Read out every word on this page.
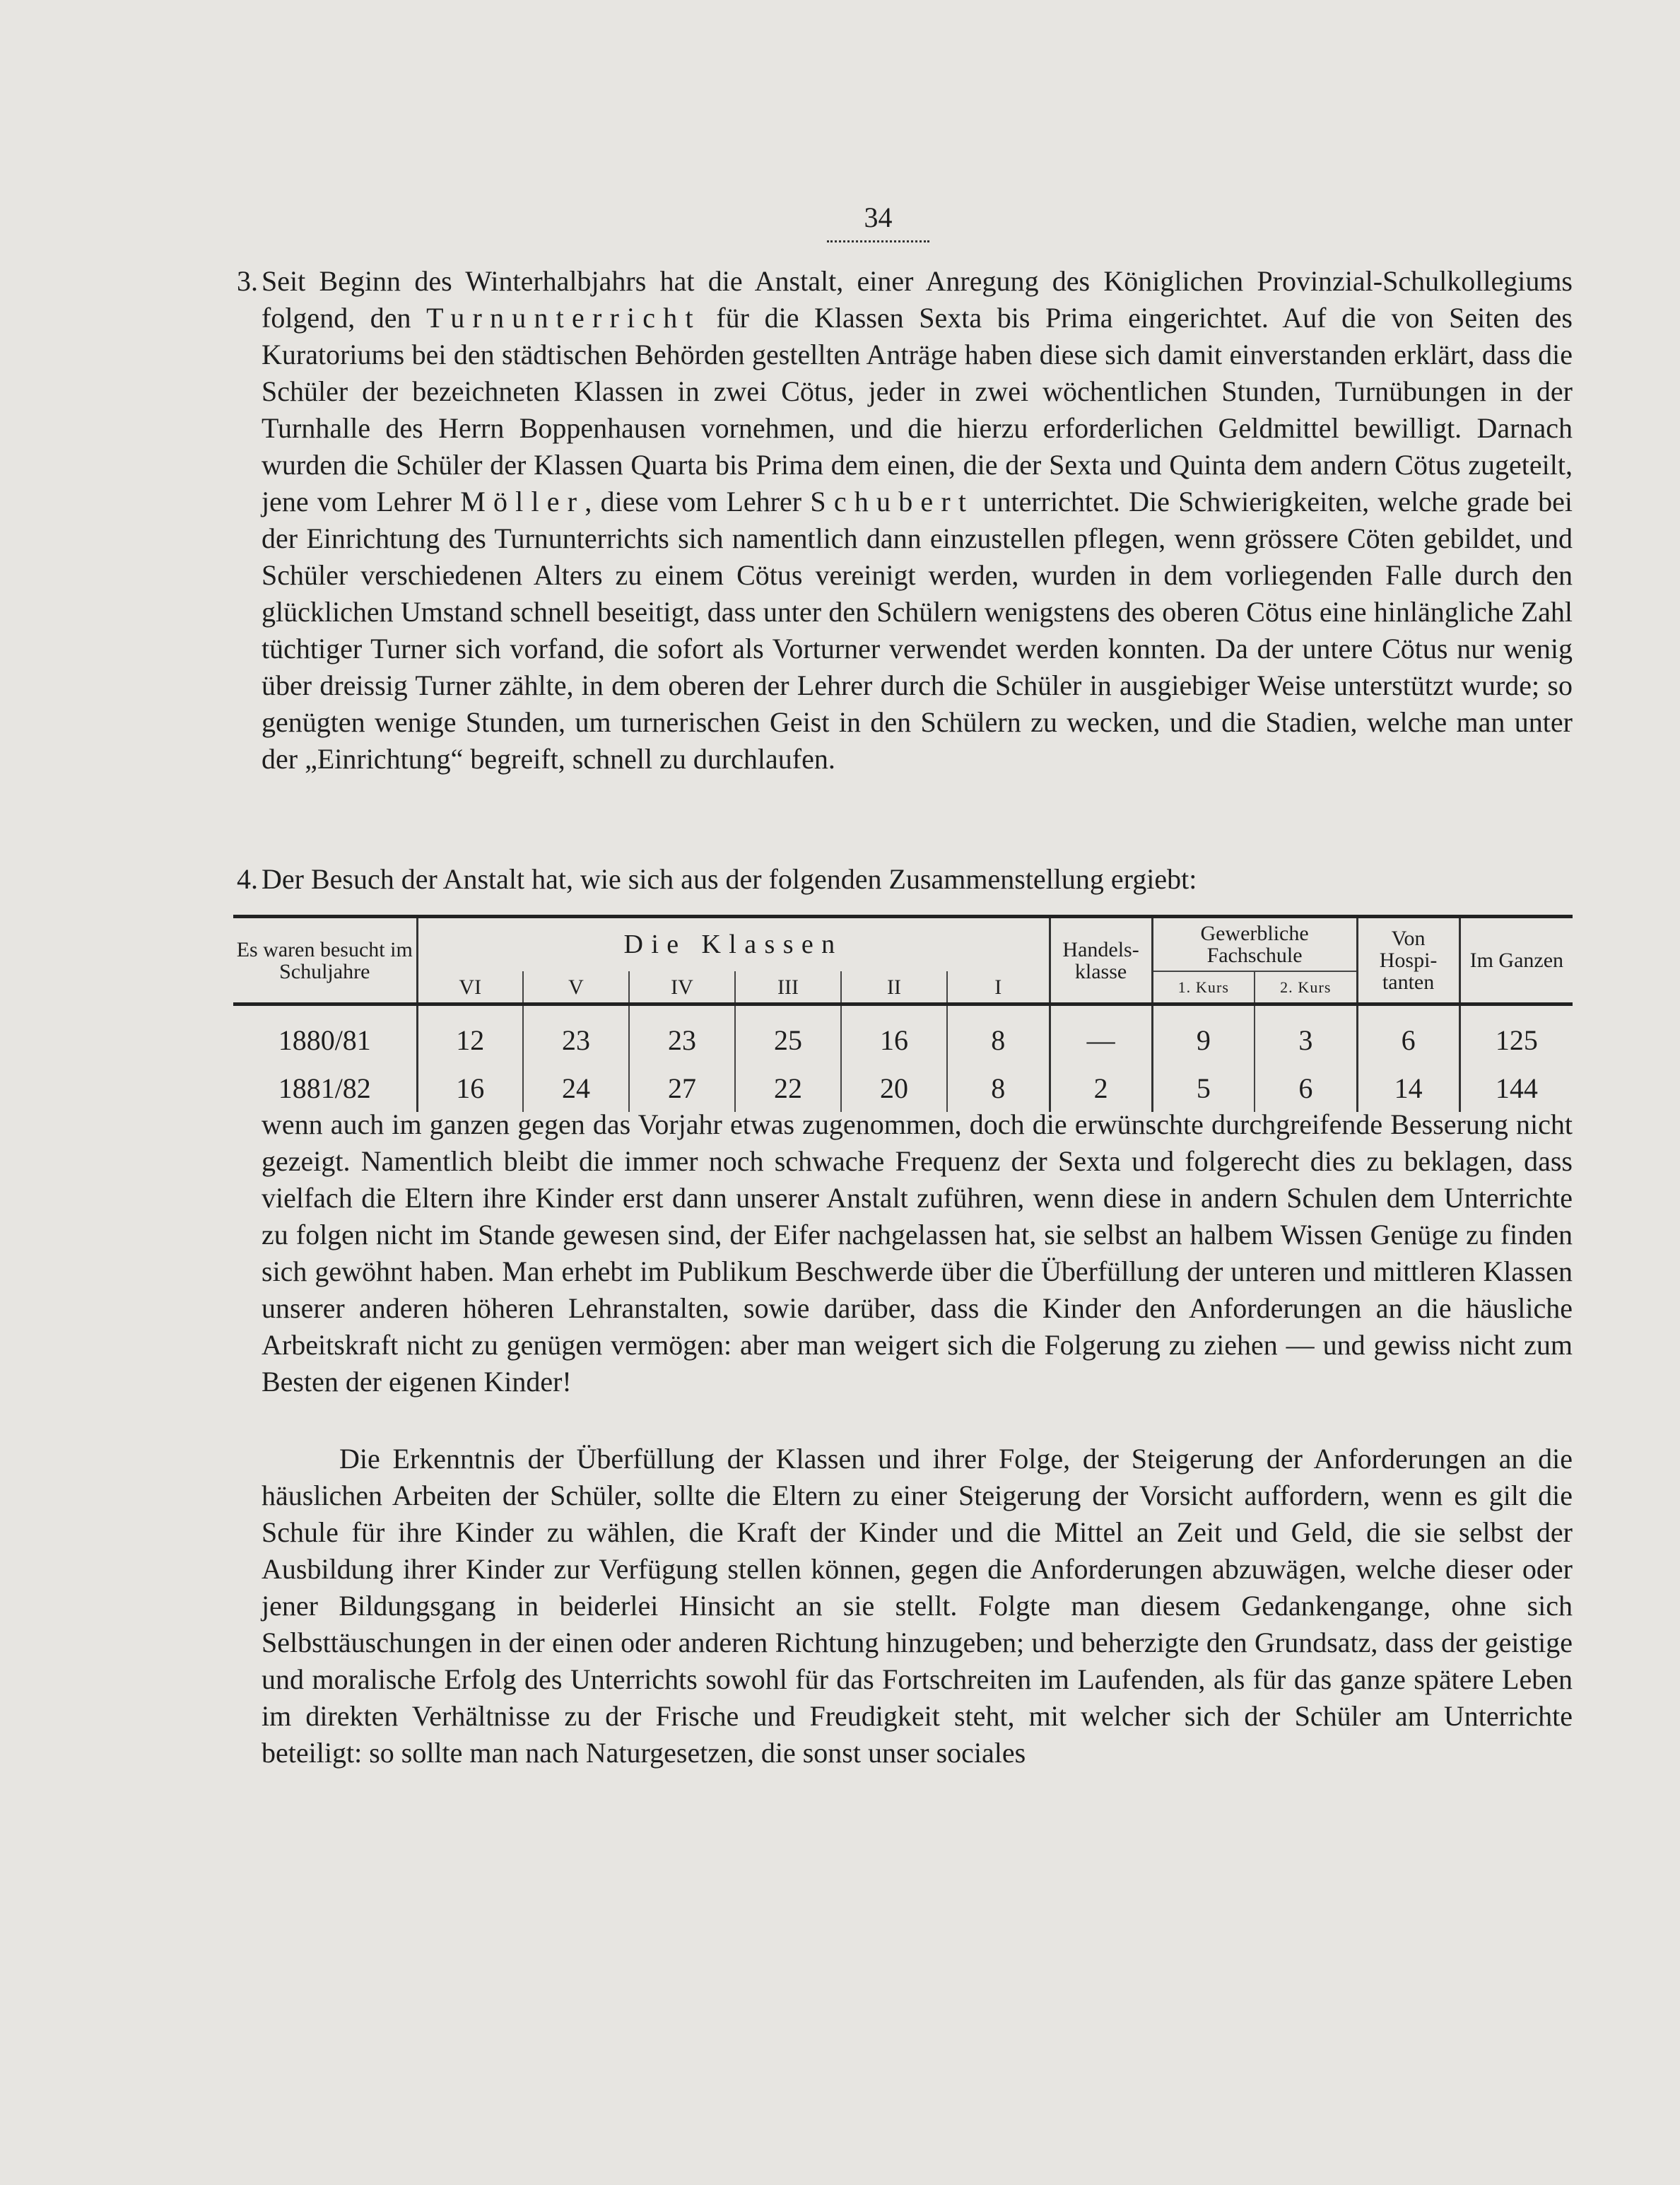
34
3. Seit Beginn des Winterhalbjahrs hat die Anstalt, einer Anregung des Königlichen Provinzial-Schulkollegiums folgend, den Turnunterricht für die Klassen Sexta bis Prima eingerichtet. Auf die von Seiten des Kuratoriums bei den städtischen Behörden gestellten Anträge haben diese sich damit einverstanden erklärt, dass die Schüler der bezeichneten Klassen in zwei Cötus, jeder in zwei wöchentlichen Stunden, Turnübungen in der Turnhalle des Herrn Boppenhausen vornehmen, und die hierzu erforderlichen Geldmittel bewilligt. Darnach wurden die Schüler der Klassen Quarta bis Prima dem einen, die der Sexta und Quinta dem andern Cötus zugeteilt, jene vom Lehrer Möller, diese vom Lehrer Schubert unterrichtet. Die Schwierigkeiten, welche grade bei der Einrichtung des Turnunterrichts sich namentlich dann einzustellen pflegen, wenn grössere Cöten gebildet, und Schüler verschiedenen Alters zu einem Cötus vereinigt werden, wurden in dem vorliegenden Falle durch den glücklichen Umstand schnell beseitigt, dass unter den Schülern wenigstens des oberen Cötus eine hinlängliche Zahl tüchtiger Turner sich vorfand, die sofort als Vorturner verwendet werden konnten. Da der untere Cötus nur wenig über dreissig Turner zählte, in dem oberen der Lehrer durch die Schüler in ausgiebiger Weise unterstützt wurde; so genügten wenige Stunden, um turnerischen Geist in den Schülern zu wecken, und die Stadien, welche man unter der „Einrichtung“ begreift, schnell zu durchlaufen.
4. Der Besuch der Anstalt hat, wie sich aus der folgenden Zusammenstellung ergiebt:
Es waren besucht im Schuljahre	Die Klassen						Handels-klasse	Gewerbliche Fachschule		Von Hospi-tanten	Im Ganzen
	VI	V	IV	III	II	I		1. Kurs	2. Kurs		
1880/81	12	23	23	25	16	8	—	9	3	6	125
1881/82	16	24	27	22	20	8	2	5	6	14	144
wenn auch im ganzen gegen das Vorjahr etwas zugenommen, doch die erwünschte durchgreifende Besserung nicht gezeigt. Namentlich bleibt die immer noch schwache Frequenz der Sexta und folgerecht dies zu beklagen, dass vielfach die Eltern ihre Kinder erst dann unserer Anstalt zuführen, wenn diese in andern Schulen dem Unterrichte zu folgen nicht im Stande gewesen sind, der Eifer nachgelassen hat, sie selbst an halbem Wissen Genüge zu finden sich gewöhnt haben. Man erhebt im Publikum Beschwerde über die Überfüllung der unteren und mittleren Klassen unserer anderen höheren Lehranstalten, sowie darüber, dass die Kinder den Anforderungen an die häusliche Arbeitskraft nicht zu genügen vermögen: aber man weigert sich die Folgerung zu ziehen — und gewiss nicht zum Besten der eigenen Kinder!
Die Erkenntnis der Überfüllung der Klassen und ihrer Folge, der Steigerung der Anforderungen an die häuslichen Arbeiten der Schüler, sollte die Eltern zu einer Steigerung der Vorsicht auffordern, wenn es gilt die Schule für ihre Kinder zu wählen, die Kraft der Kinder und die Mittel an Zeit und Geld, die sie selbst der Ausbildung ihrer Kinder zur Verfügung stellen können, gegen die Anforderungen abzuwägen, welche dieser oder jener Bildungsgang in beiderlei Hinsicht an sie stellt. Folgte man diesem Gedankengange, ohne sich Selbsttäuschungen in der einen oder anderen Richtung hinzugeben; und beherzigte den Grundsatz, dass der geistige und moralische Erfolg des Unterrichts sowohl für das Fortschreiten im Laufenden, als für das ganze spätere Leben im direkten Verhältnisse zu der Frische und Freudigkeit steht, mit welcher sich der Schüler am Unterrichte beteiligt: so sollte man nach Naturgesetzen, die sonst unser sociales
